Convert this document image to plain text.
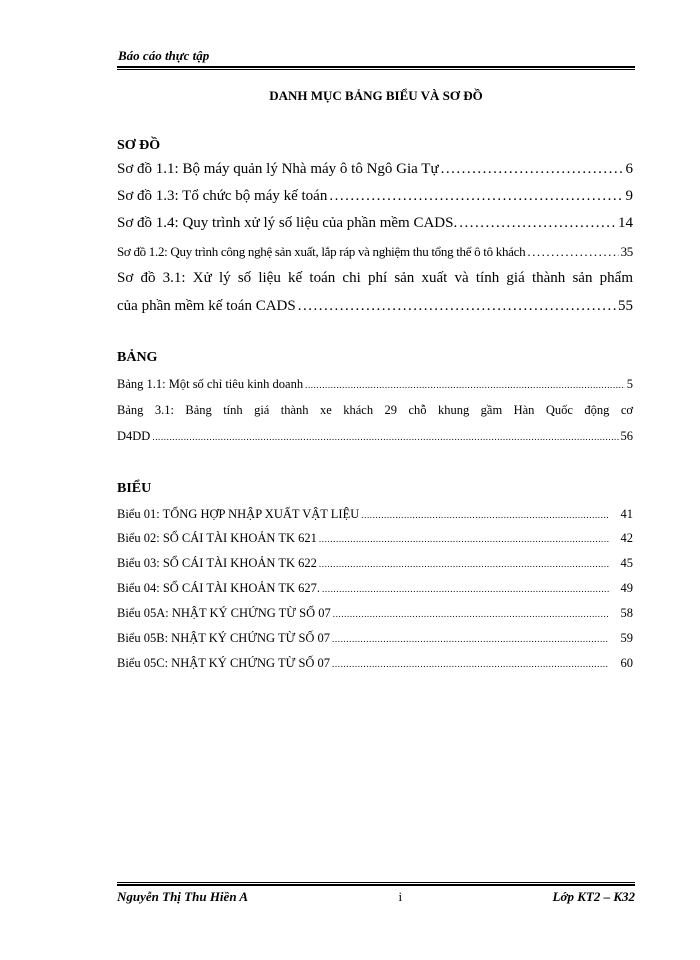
Báo cáo thực tập
DANH MỤC BẢNG BIỂU VÀ SƠ ĐỒ
SƠ ĐỒ
Sơ đồ 1.1: Bộ máy quản lý Nhà máy ô tô Ngô Gia Tự .....	6
Sơ đồ 1.3: Tổ chức bộ máy kế toán .....	9
Sơ đồ 1.4: Quy trình xử lý số liệu của phần mềm CADS. .....	14
Sơ đồ 1.2: Quy trình công nghệ sản xuất, lắp ráp và nghiệm thu tổng thể ô tô khách .....	35
Sơ đồ 3.1: Xử lý số liệu kế toán chi phí sản xuất và tính giá thành sản phẩm
của phần mềm kế toán CADS .....	55
BẢNG
Bảng 1.1: Một số chỉ tiêu kinh doanh .....	5
Bảng 3.1: Bảng tính giá thành xe khách 29 chỗ khung gầm Hàn Quốc động cơ
D4DD .....	56
BIỂU
Biểu 01: TỔNG HỢP NHẬP XUẤT VẬT LIỆU .....	41
Biểu 02: SỔ CÁI TÀI KHOẢN TK 621 .....	42
Biểu 03: SỔ CÁI TÀI KHOẢN TK 622 .....	45
Biểu 04: SỔ CÁI TÀI KHOẢN TK 627. .....	49
Biểu 05A: NHẬT KÝ CHỨNG TỪ SỐ 07 .....	58
Biểu 05B: NHẬT KÝ CHỨNG TỪ SỐ 07 .....	59
Biểu 05C: NHẬT KÝ CHỨNG TỪ SỐ 07 .....	60
Nguyễn Thị Thu Hiền A	i	Lớp KT2 – K32
